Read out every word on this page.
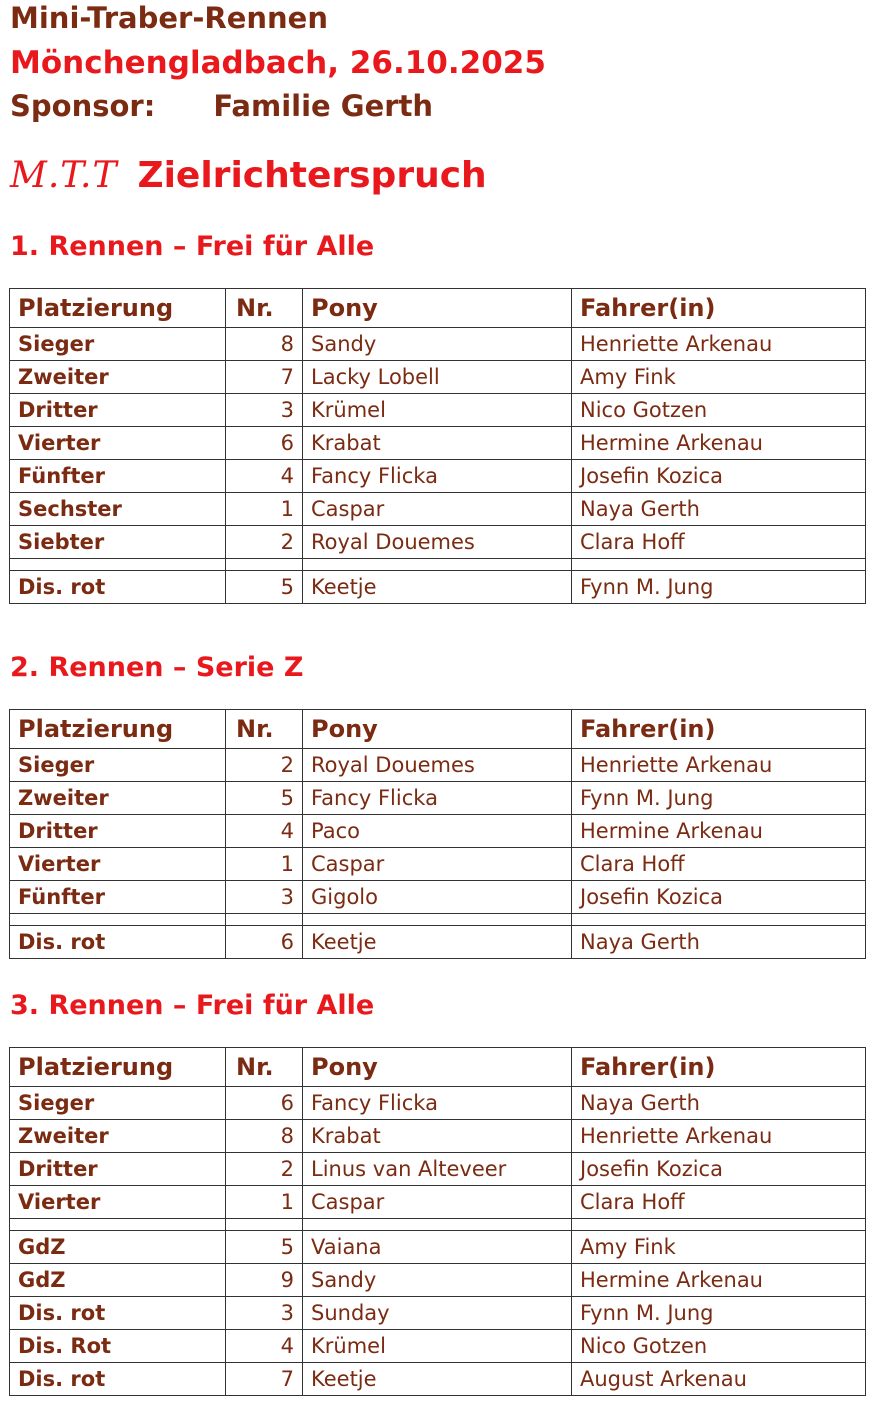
Mini-Traber-Rennen
Mönchengladbach, 26.10.2025
Sponsor: Familie Gerth
M.T.T Zielrichterspruch
1. Rennen – Frei für Alle
Platzierung	Nr.	Pony	Fahrer(in)
Sieger	8	Sandy	Henriette Arkenau
Zweiter	7	Lacky Lobell	Amy Fink
Dritter	3	Krümel	Nico Gotzen
Vierter	6	Krabat	Hermine Arkenau
Fünfter	4	Fancy Flicka	Josefin Kozica
Sechster	1	Caspar	Naya Gerth
Siebter	2	Royal Douemes	Clara Hoff

Dis. rot	5	Keetje	Fynn M. Jung
2. Rennen – Serie Z
Platzierung	Nr.	Pony	Fahrer(in)
Sieger	2	Royal Douemes	Henriette Arkenau
Zweiter	5	Fancy Flicka	Fynn M. Jung
Dritter	4	Paco	Hermine Arkenau
Vierter	1	Caspar	Clara Hoff
Fünfter	3	Gigolo	Josefin Kozica

Dis. rot	6	Keetje	Naya Gerth
3. Rennen – Frei für Alle
Platzierung	Nr.	Pony	Fahrer(in)
Sieger	6	Fancy Flicka	Naya Gerth
Zweiter	8	Krabat	Henriette Arkenau
Dritter	2	Linus van Alteveer	Josefin Kozica
Vierter	1	Caspar	Clara Hoff

GdZ	5	Vaiana	Amy Fink
GdZ	9	Sandy	Hermine Arkenau
Dis. rot	3	Sunday	Fynn M. Jung
Dis. Rot	4	Krümel	Nico Gotzen
Dis. rot	7	Keetje	August Arkenau
